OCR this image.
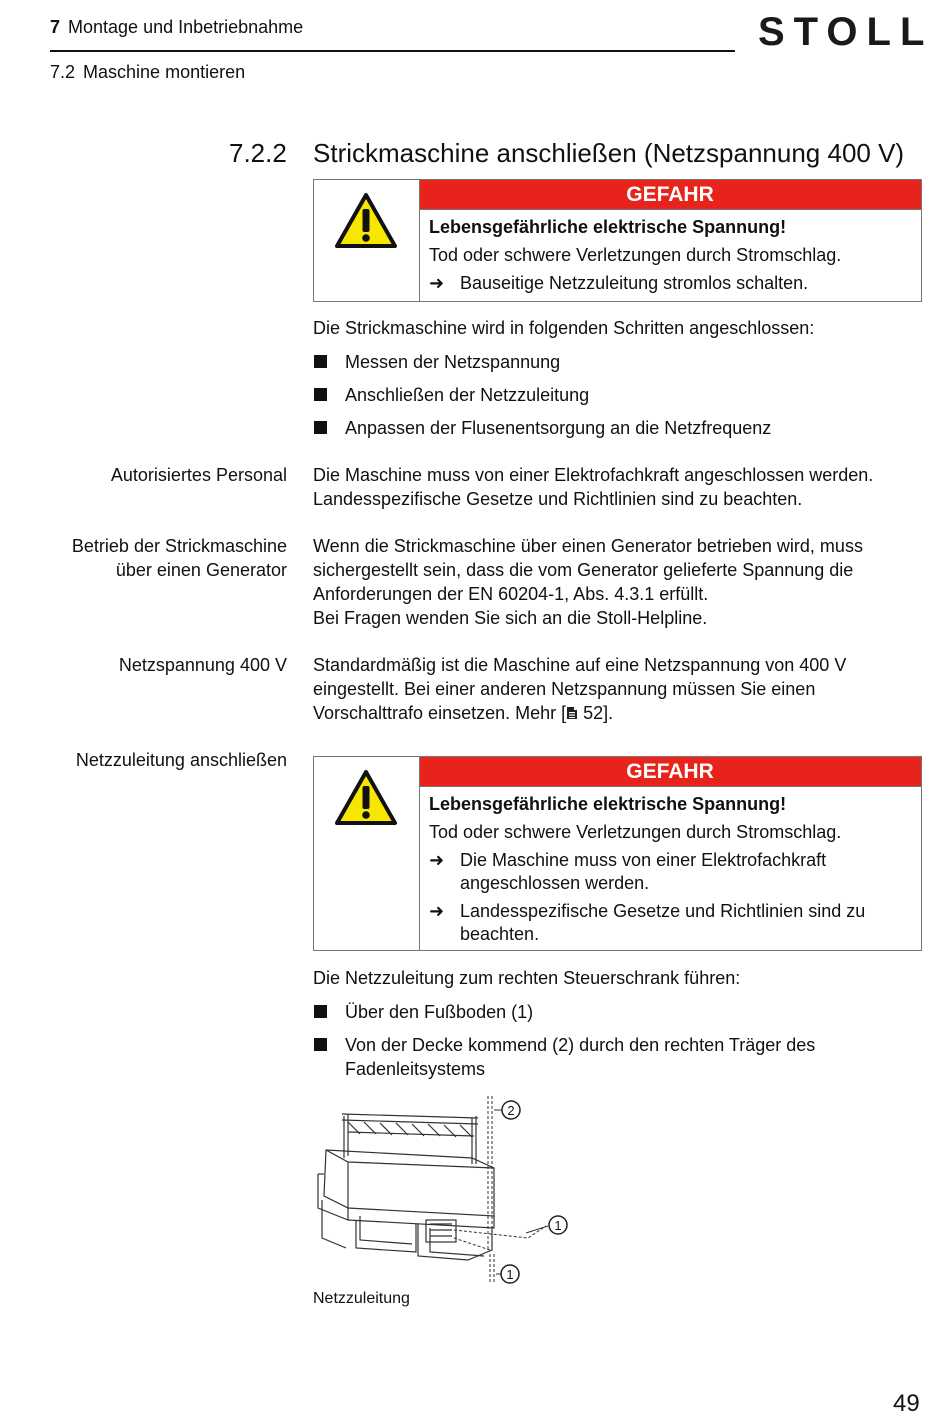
7 Montage und Inbetriebnahme
7.2 Maschine montieren
STOLL
7.2.2 Strickmaschine anschließen (Netzspannung 400 V)
GEFAHR
Lebensgefährliche elektrische Spannung!
Tod oder schwere Verletzungen durch Stromschlag.
➜ Bauseitige Netzzuleitung stromlos schalten.
Die Strickmaschine wird in folgenden Schritten angeschlossen:
Messen der Netzspannung
Anschließen der Netzzuleitung
Anpassen der Flusenentsorgung an die Netzfrequenz
Autorisiertes Personal Die Maschine muss von einer Elektrofachkraft angeschlossen werden.
Landesspezifische Gesetze und Richtlinien sind zu beachten.
Betrieb der Strickmaschine
über einen Generator
Wenn die Strickmaschine über einen Generator betrieben wird, muss
sichergestellt sein, dass die vom Generator gelieferte Spannung die
Anforderungen der EN 60204-1, Abs. 4.3.1 erfüllt.
Bei Fragen wenden Sie sich an die Stoll-Helpline.
Netzspannung 400 V Standardmäßig ist die Maschine auf eine Netzspannung von 400 V
eingestellt. Bei einer anderen Netzspannung müssen Sie einen
Vorschalttrafo einsetzen. Mehr [ 52].
Netzzuleitung anschließen	GEFAHR
Lebensgefährliche elektrische Spannung!
Tod oder schwere Verletzungen durch Stromschlag.
➜ Die Maschine muss von einer Elektrofachkraft
angeschlossen werden.
➜ Landesspezifische Gesetze und Richtlinien sind zu
beachten.
Die Netzzuleitung zum rechten Steuerschrank führen:
Über den Fußboden (1)
Von der Decke kommend (2) durch den rechten Träger des
Fadenleitsystems
2
1
1
Netzzuleitung
49
